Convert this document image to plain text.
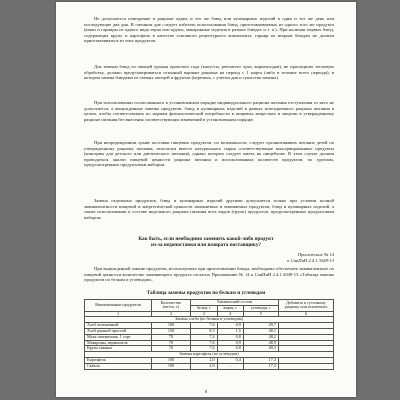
Не допускается повторение в рационе одних и тех же блюд или кулинарных изделий в один и тот же день или последующие два дня. В сменном дне следует избегать использования блюд, приготавливаемых из одного того же продукта (каши и гарниры из одного вида зерна или крупы, макаронные изделия в разных блюдах и т. п.). При наличии первых блюд, содержащих крупу и картофель в качестве основного рецептурного компонента, гарнир ко вторым блюдам не должен приготавливаться из этих продуктов.
Для замены блюд из овощей урожая прошлого года (капусты, репчатого лука, корнеплодов), не прошедших тепловую обработку, должно предусматриваться сезонный вариант рациона на период с 1 марта (либо в течение всего периода), в котором замена блюдами из свежих овощей и фруктов (перечень, с учетом дня и сушества замены).
При использовании согласованного в установленном порядке индивидуального рациона питания отступления от него не допускается, а вынужденные замены продуктов, блюд и кулинарных изделий в рамках повседневного рациона питания в целом, чтобы соответствовать по нормам физиологической потребности в пищевых веществах и энергии в утвержденному рационе питания без внесения соответствующих изменений в установленном порядке.
При непредвиденном срыве поставки пищевых продуктов, по возможности, следует организовывать питание детей по утвержденному рациону питания, используя вместо натурального сырья соответствующие консервированные продукты (консервы для детского или диетического питания), однако которых следует иметь на пищеблоке. В этом случае должен проводиться анализ пищевой ценности рациона питания и использованных количеств продуктов, по группам, предусмотренных продуктовым набором.
Замена отдельных продуктов, блюд и кулинарных изделий другими допускается только при условии полной эквивалентности пищевой и энергетической ценности заменяемых и заменяемых продуктов, блюд и кулинарных изделий, а также использовании в составе недельного рациона питания всех видов (групп) продуктов, предусмотренных продуктовым набором.
Как быть, если необходимо заменить какой-либо продукт
из-за недопоставки или возврата поставщику?
Приложение № 14
к СанПиН 2.4.1.3049-13
При вынужденной замене продуктов, используемых при приготовлении блюда, необходимо обеспечить эквивалентное по пищевой ценности количество заменяющего продукта согласно Приложению № 14 к СанПиН 2.4.1.3049-13 «Таблица замены продуктов по белкам и углеводам».
Таблица замены продуктов по белкам и углеводам
Наименование продуктов	Количество (нетто, г)	Химический состав			Добавить к суточному рациону или исключить
		белки, г	жиры, г	углеводы, г	
1	2	3	4	5	6
Замена хлеба (по белкам и углеводам)					
Хлеб пшеничный	100	7,6	0,9	49,7	
Хлеб ржаной простой	150	8,3	1,5	48,1	
Мука пшеничная, 1 сорт	70	7,4	0,8	48,2	
Макароны, вермишель	70	7,6	0,9	48,9	
Крупа манная	70	7,6	0,8	49,3	
Замена картофеля (по углеводам)					
Картофель	100	2,0	0,4	17,3	
Свёкла	190	2,9	–	17,3	
8
